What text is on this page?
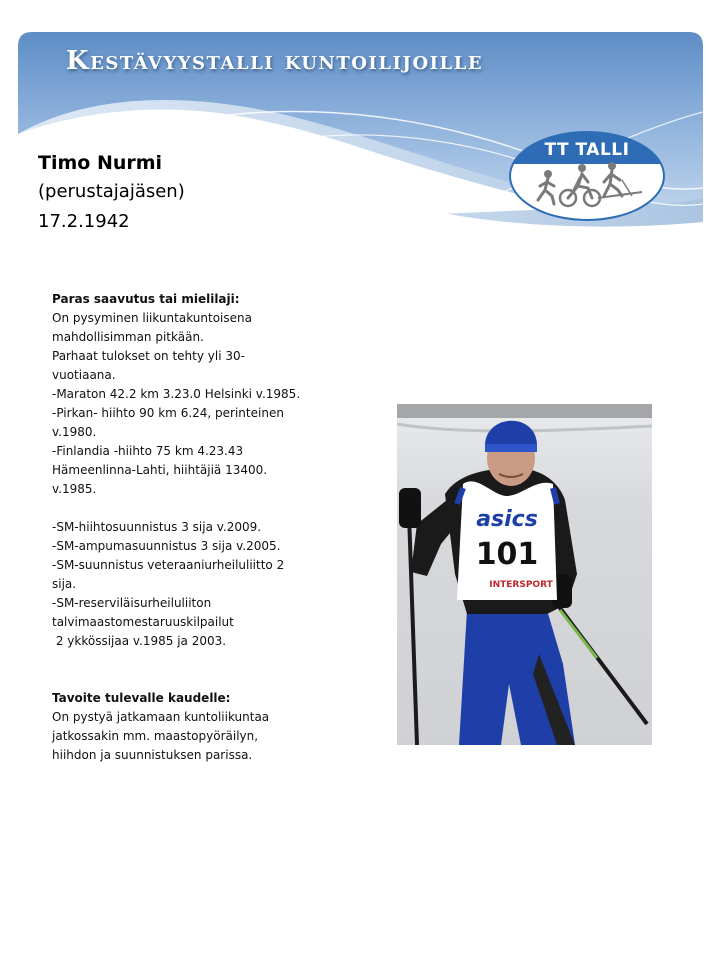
Kestävyystalli kuntoilijoille
TT TALLI

Timo Nurmi

(perustajajäsen)

17.2.1942

Paras saavutus tai mielilaji:
On pysyminen liikuntakuntoisena
mahdollisimman pitkään.
Parhaat tulokset on tehty yli 30-
vuotiaana.
-Maraton 42.2 km 3.23.0 Helsinki v.1985.
-Pirkan- hiihto 90 km 6.24, perinteinen
v.1980.
-Finlandia -hiihto 75 km 4.23.43
Hämeenlinna-Lahti, hiihtäjiä 13400.
v.1985.
-SM-hiihtosuunnistus 3 sija v.2009.
-SM-ampumasuunnistus 3 sija v.2005.
-SM-suunnistus veteraaniurheiluliitto 2
sija.
-SM-reserviläisurheiluliiton
talvimaastomestaruuskilpailut
2 ykkössijaa v.1985 ja 2003.
Tavoite tulevalle kaudelle:
On pystyä jatkamaan kuntoliikuntaa
jatkossakin mm. maastopyöräilyn,
hiihdon ja suunnistuksen parissa.
asics
101
INTERSPORT
